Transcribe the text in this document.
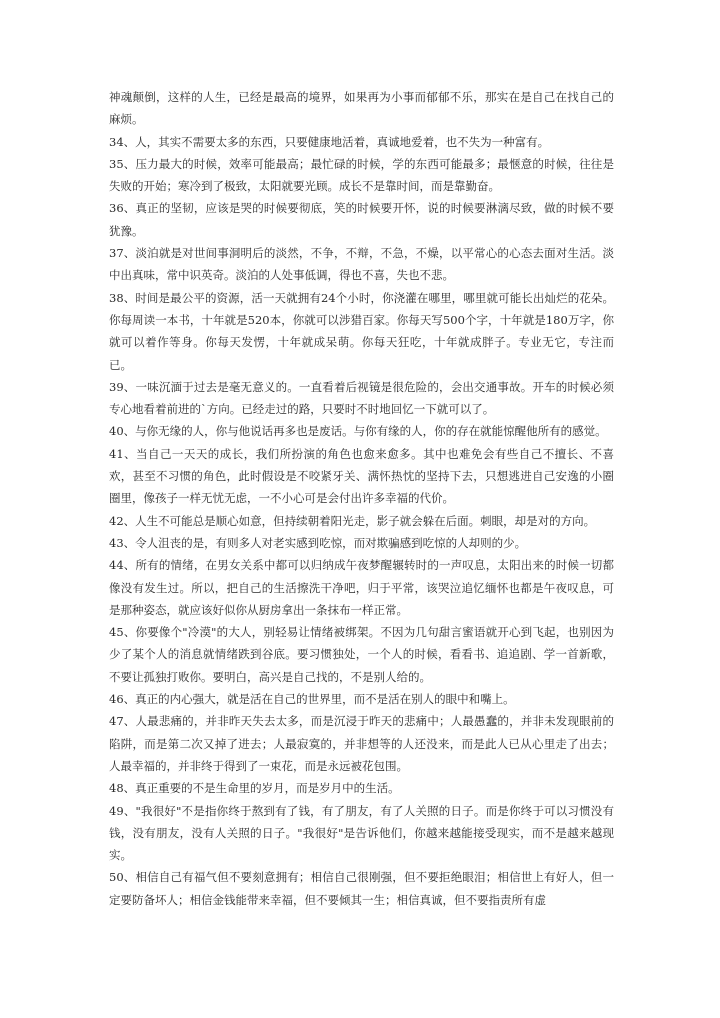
神魂颠倒，这样的人生，已经是最高的境界，如果再为小事而郁郁不乐，那实在是自己在找自己的麻烦。

34、人，其实不需要太多的东西，只要健康地活着，真诚地爱着，也不失为一种富有。

35、压力最大的时候，效率可能最高；最忙碌的时候，学的东西可能最多；最惬意的时候，往往是失败的开始；寒冷到了极致，太阳就要光顾。成长不是靠时间，而是靠勤奋。

36、真正的坚韧，应该是哭的时候要彻底，笑的时候要开怀，说的时候要淋漓尽致，做的时候不要犹豫。

37、淡泊就是对世间事洞明后的淡然，不争，不辩，不急，不燥，以平常心的心态去面对生活。淡中出真味，常中识英奇。淡泊的人处事低调，得也不喜，失也不悲。

38、时间是最公平的资源，活一天就拥有24个小时，你浇灌在哪里，哪里就可能长出灿烂的花朵。你每周读一本书，十年就是520本，你就可以涉猎百家。你每天写500个字，十年就是180万字，你就可以着作等身。你每天发愣，十年就成呆萌。你每天狂吃，十年就成胖子。专业无它，专注而已。

39、一味沉湎于过去是毫无意义的。一直看着后视镜是很危险的，会出交通事故。开车的时候必须专心地看着前进的`方向。已经走过的路，只要时不时地回忆一下就可以了。

40、与你无缘的人，你与他说话再多也是废话。与你有缘的人，你的存在就能惊醒他所有的感觉。

41、当自己一天天的成长，我们所扮演的角色也愈来愈多。其中也难免会有些自己不擅长、不喜欢，甚至不习惯的角色，此时假设是不咬紧牙关、满怀热忱的坚持下去，只想逃进自己安逸的小圈圈里，像孩子一样无忧无虑，一不小心可是会付出许多幸福的代价。

42、人生不可能总是顺心如意，但持续朝着阳光走，影子就会躲在后面。刺眼，却是对的方向。

43、令人沮丧的是，有则多人对老实感到吃惊，而对欺骗感到吃惊的人却则的少。

44、所有的情绪，在男女关系中都可以归纳成午夜梦醒辗转时的一声叹息，太阳出来的时候一切都像没有发生过。所以，把自己的生活擦洗干净吧，归于平常，该哭泣追忆缅怀也都是午夜叹息，可是那种姿态，就应该好似你从厨房拿出一条抹布一样正常。

45、你要像个"冷漠"的大人，别轻易让情绪被绑架。不因为几句甜言蜜语就开心到飞起，也别因为少了某个人的消息就情绪跌到谷底。要习惯独处，一个人的时候，看看书、追追剧、学一首新歌，不要让孤独打败你。要明白，高兴是自己找的，不是别人给的。

46、真正的内心强大，就是活在自己的世界里，而不是活在别人的眼中和嘴上。

47、人最悲痛的，并非昨天失去太多，而是沉浸于昨天的悲痛中；人最愚蠢的，并非未发现眼前的陷阱，而是第二次又掉了进去；人最寂寞的，并非想等的人还没来，而是此人已从心里走了出去；人最幸福的，并非终于得到了一束花，而是永远被花包围。

48、真正重要的不是生命里的岁月，而是岁月中的生活。

49、"我很好"不是指你终于熬到有了钱，有了朋友，有了人关照的日子。而是你终于可以习惯没有钱，没有朋友，没有人关照的日子。"我很好"是告诉他们，你越来越能接受现实，而不是越来越现实。

50、相信自己有福气但不要刻意拥有；相信自己很刚强，但不要拒绝眼泪；相信世上有好人，但一定要防备坏人；相信金钱能带来幸福，但不要倾其一生；相信真诚，但不要指责所有虚
